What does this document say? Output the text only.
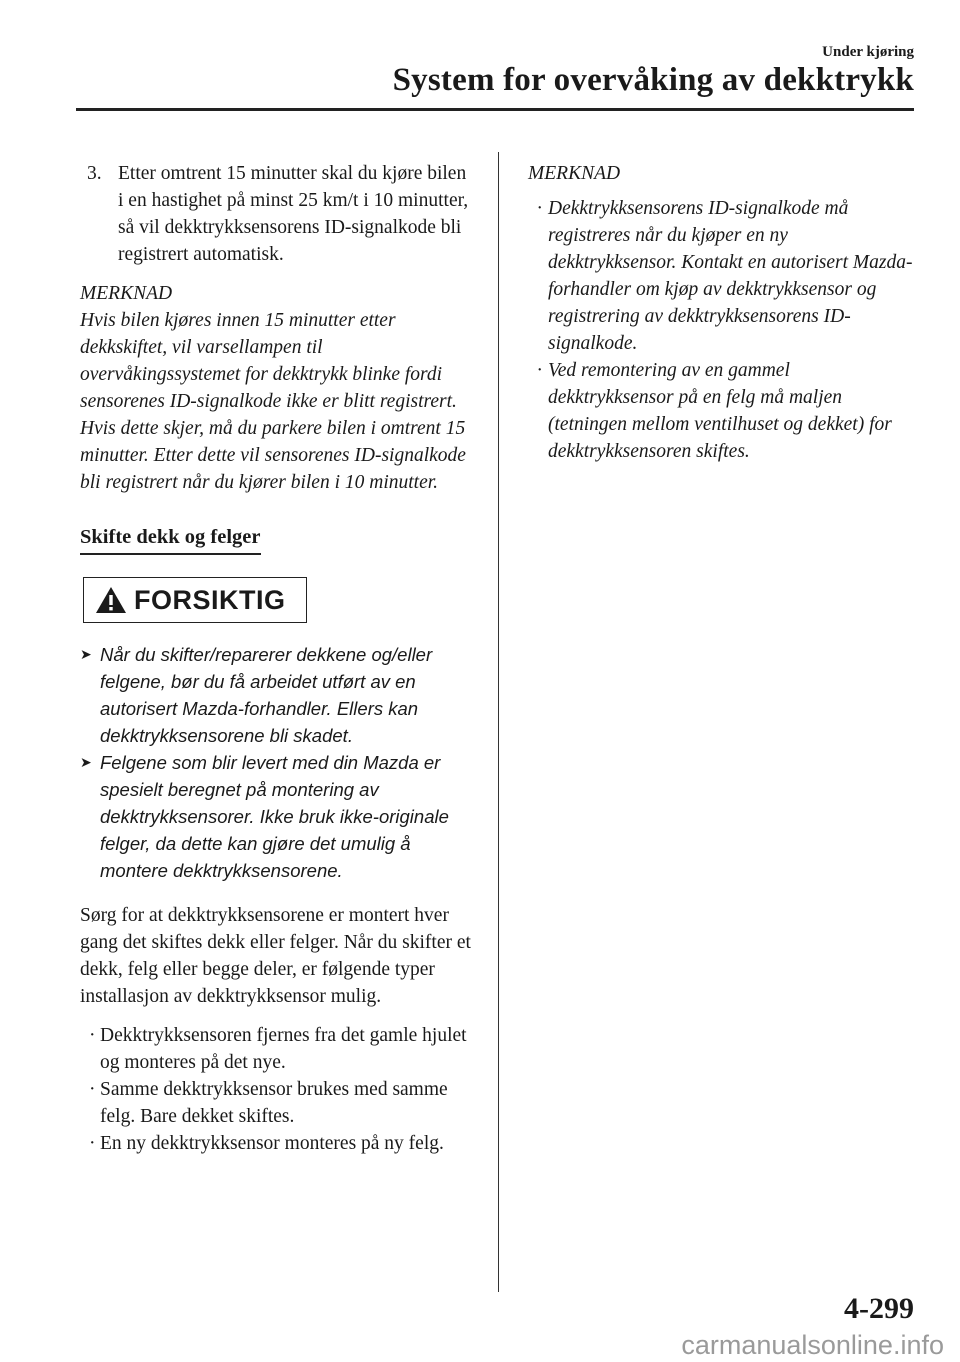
Under kjøring
System for overvåking av dekktrykk
3. Etter omtrent 15 minutter skal du kjøre bilen i en hastighet på minst 25 km/t i 10 minutter, så vil dekktrykksensorens ID-signalkode bli registrert automatisk.
MERKNAD
Hvis bilen kjøres innen 15 minutter etter dekkskiftet, vil varsellampen til overvåkingssystemet for dekktrykk blinke fordi sensorenes ID-signalkode ikke er blitt registrert. Hvis dette skjer, må du parkere bilen i omtrent 15 minutter. Etter dette vil sensorenes ID-signalkode bli registrert når du kjører bilen i 10 minutter.
Skifte dekk og felger
FORSIKTIG
➤ Når du skifter/reparerer dekkene og/eller felgene, bør du få arbeidet utført av en autorisert Mazda-forhandler. Ellers kan dekktrykksensorene bli skadet.
➤ Felgene som blir levert med din Mazda er spesielt beregnet på montering av dekktrykksensorer. Ikke bruk ikke-originale felger, da dette kan gjøre det umulig å montere dekktrykksensorene.
Sørg for at dekktrykksensorene er montert hver gang det skiftes dekk eller felger. Når du skifter et dekk, felg eller begge deler, er følgende typer installasjon av dekktrykksensor mulig.
· Dekktrykksensoren fjernes fra det gamle hjulet og monteres på det nye.
· Samme dekktrykksensor brukes med samme felg. Bare dekket skiftes.
· En ny dekktrykksensor monteres på ny felg.
MERKNAD
· Dekktrykksensorens ID-signalkode må registreres når du kjøper en ny dekktrykksensor. Kontakt en autorisert Mazda-forhandler om kjøp av dekktrykksensor og registrering av dekktrykksensorens ID-signalkode.
· Ved remontering av en gammel dekktrykksensor på en felg må maljen (tetningen mellom ventilhuset og dekket) for dekktrykksensoren skiftes.
4-299
carmanualsonline.info
